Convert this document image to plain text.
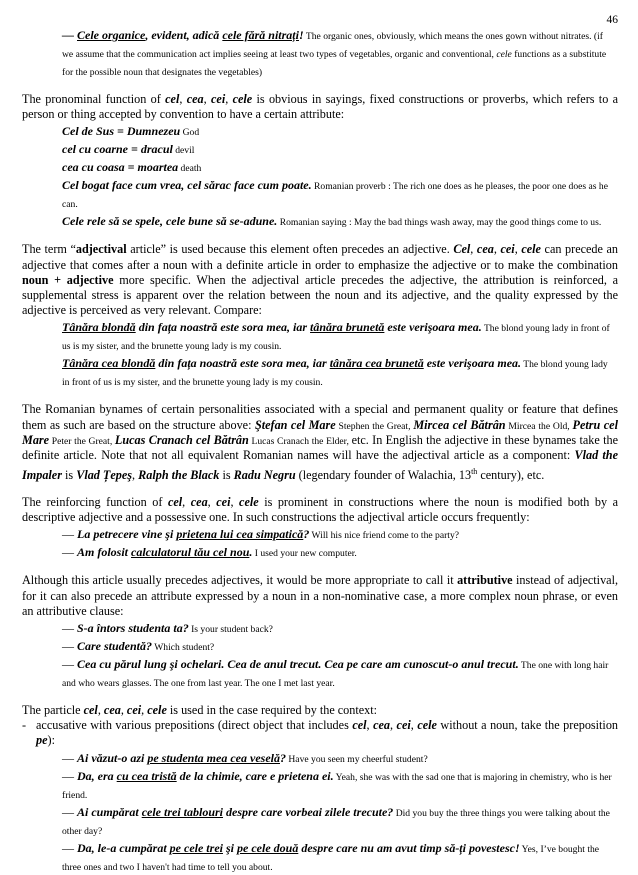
46
— Cele organice, evident, adică cele fără nitrați! The organic ones, obviously, which means the ones gown without nitrates. (if we assume that the communication act implies seeing at least two types of vegetables, organic and conventional, cele functions as a substitute for the possible noun that designates the vegetables)

The pronominal function of cel, cea, cei, cele is obvious in sayings, fixed constructions or proverbs, which refers to a person or thing accepted by convention to have a certain attribute:

Cel de Sus = Dumnezeu God
cel cu coarne = dracul devil
cea cu coasa = moartea death
Cel bogat face cum vrea, cel sărac face cum poate. Romanian proverb : The rich one does as he pleases, the poor one does as he can.
Cele rele să se spele, cele bune să se-adune. Romanian saying : May the bad things wash away, may the good things come to us.

The term “adjectival article” is used because this element often precedes an adjective. Cel, cea, cei, cele can precede an adjective that comes after a noun with a definite article in order to emphasize the adjective or to make the combination noun + adjective more specific. When the adjectival article precedes the adjective, the attribution is reinforced, a supplemental stress is apparent over the relation between the noun and its adjective, and the quality expressed by the adjective is perceived as very relevant. Compare:

Tânăra blondă din fața noastră este sora mea, iar tânăra brunetă este verişoara mea. The blond young lady in front of us is my sister, and the brunette young lady is my cousin.
Tânăra cea blondă din fața noastră este sora mea, iar tânăra cea brunetă este verişoara mea. The blond young lady in front of us is my sister, and the brunette young lady is my cousin.

The Romanian bynames of certain personalities associated with a special and permanent quality or feature that defines them as such are based on the structure above: Ştefan cel Mare Stephen the Great, Mircea cel Bătrân Mircea the Old, Petru cel Mare Peter the Great, Lucas Cranach cel Bătrân Lucas Cranach the Elder, etc. In English the adjective in these bynames take the definite article. Note that not all equivalent Romanian names will have the adjectival article as a component: Vlad the Impaler is Vlad Țepeş, Ralph the Black is Radu Negru (legendary founder of Walachia, 13th century), etc.

The reinforcing function of cel, cea, cei, cele is prominent in constructions where the noun is modified both by a descriptive adjective and a possessive one. In such constructions the adjectival article occurs frequently:

— La petrecere vine şi prietena lui cea simpatică? Will his nice friend come to the party?
— Am folosit calculatorul tău cel nou. I used your new computer.

Although this article usually precedes adjectives, it would be more appropriate to call it attributive instead of adjectival, for it can also precede an attribute expressed by a noun in a non-nominative case, a more complex noun phrase, or even an attributive clause:

— S-a întors studenta ta? Is your student back?
— Care studentă? Which student?
— Cea cu părul lung şi ochelari. Cea de anul trecut. Cea pe care am cunoscut-o anul trecut. The one with long hair and who wears glasses. The one from last year. The one I met last year.

The particle cel, cea, cei, cele is used in the case required by the context:

- accusative with various prepositions (direct object that includes cel, cea, cei, cele without a noun, take the preposition pe):
— Ai văzut-o azi pe studenta mea cea veselă? Have you seen my cheerful student?
— Da, era cu cea tristă de la chimie, care e prietena ei. Yeah, she was with the sad one that is majoring in chemistry, who is her friend.
— Ai cumpărat cele trei tablouri despre care vorbeai zilele trecute? Did you buy the three things you were talking about the other day?
— Da, le-a cumpărat pe cele trei şi pe cele două despre care nu am avut timp să-ți povestesc! Yes, I’ve bought the three ones and two I haven't had time to tell you about.
